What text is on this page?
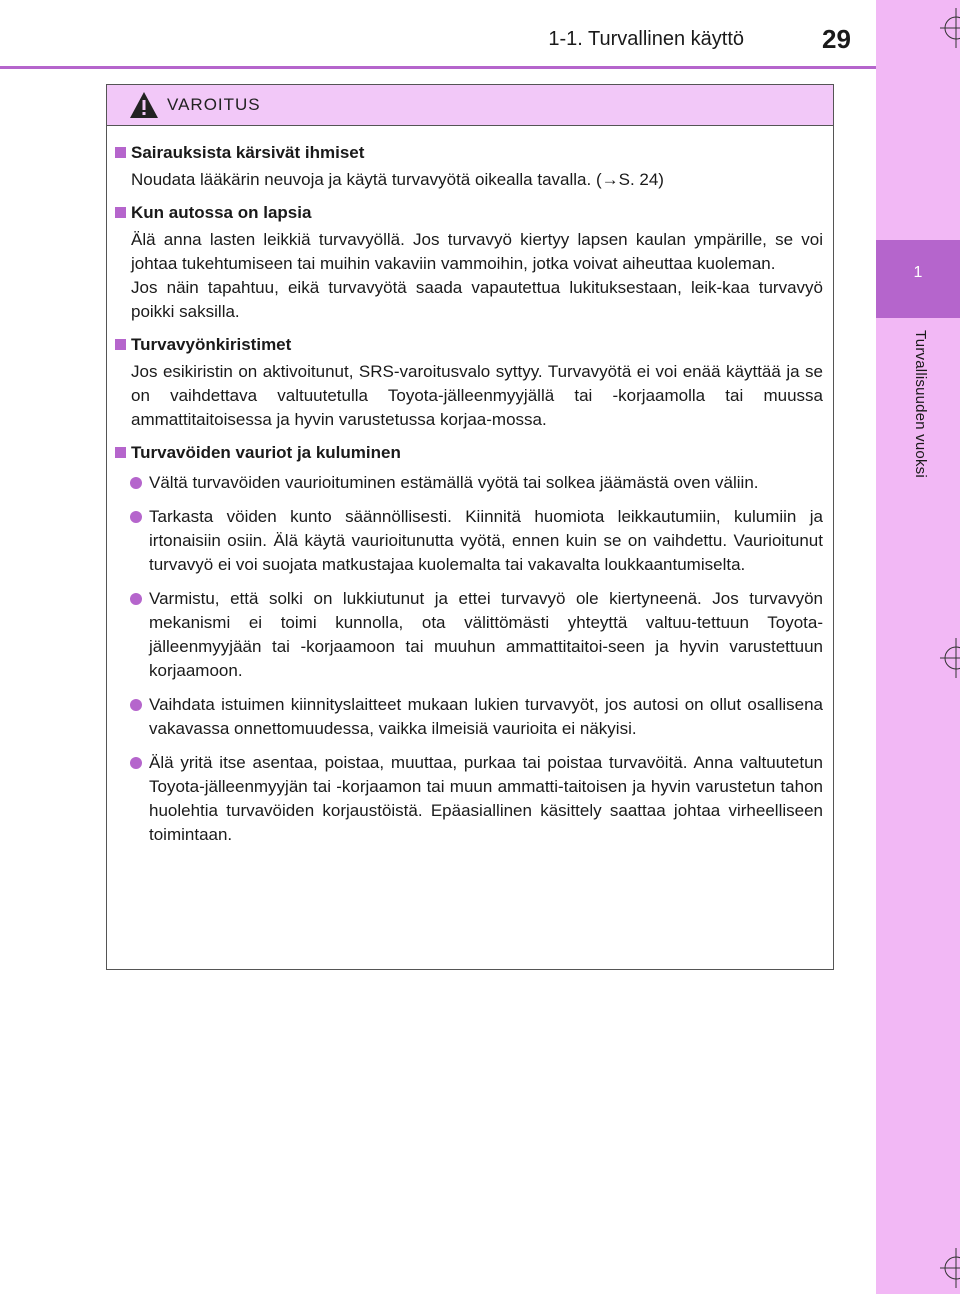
1-1. Turvallinen käyttö	29
1
Turvallisuuden vuoksi
VAROITUS
Sairauksista kärsivät ihmiset

Noudata lääkärin neuvoja ja käytä turvavyötä oikealla tavalla. (→S. 24)

Kun autossa on lapsia

Älä anna lasten leikkiä turvavyöllä. Jos turvavyö kiertyy lapsen kaulan ympärille, se voi johtaa tukehtumiseen tai muihin vakaviin vammoihin, jotka voivat aiheuttaa kuoleman.

Jos näin tapahtuu, eikä turvavyötä saada vapautettua lukituksestaan, leik-kaa turvavyö poikki saksilla.

Turvavyönkiristimet

Jos esikiristin on aktivoitunut, SRS-varoitusvalo syttyy. Turvavyötä ei voi enää käyttää ja se on vaihdettava valtuutetulla Toyota-jälleenmyyjällä tai -korjaamolla tai muussa ammattitaitoisessa ja hyvin varustetussa korjaa-mossa.

Turvavöiden vauriot ja kuluminen
Vältä turvavöiden vaurioituminen estämällä vyötä tai solkea jäämästä oven väliin.
Tarkasta vöiden kunto säännöllisesti. Kiinnitä huomiota leikkautumiin, kulumiin ja irtonaisiin osiin. Älä käytä vaurioitunutta vyötä, ennen kuin se on vaihdettu. Vaurioitunut turvavyö ei voi suojata matkustajaa kuolemalta tai vakavalta loukkaantumiselta.
Varmistu, että solki on lukkiutunut ja ettei turvavyö ole kiertyneenä. Jos turvavyön mekanismi ei toimi kunnolla, ota välittömästi yhteyttä valtuu-tettuun Toyota-jälleenmyyjään tai -korjaamoon tai muuhun ammattitaitoi-seen ja hyvin varustettuun korjaamoon.
Vaihdata istuimen kiinnityslaitteet mukaan lukien turvavyöt, jos autosi on ollut osallisena vakavassa onnettomuudessa, vaikka ilmeisiä vaurioita ei näkyisi.
Älä yritä itse asentaa, poistaa, muuttaa, purkaa tai poistaa turvavöitä. Anna valtuutetun Toyota-jälleenmyyjän tai -korjaamon tai muun ammatti-taitoisen ja hyvin varustetun tahon huolehtia turvavöiden korjaustöistä. Epäasiallinen käsittely saattaa johtaa virheelliseen toimintaan.
